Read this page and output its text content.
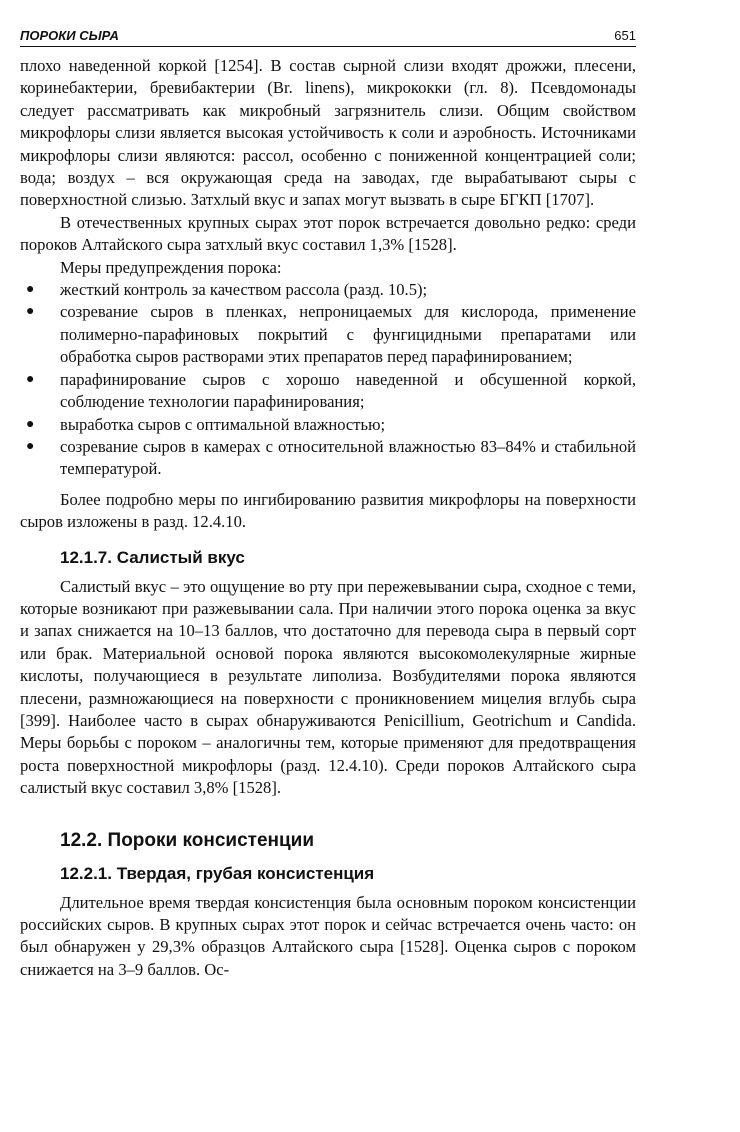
ПОРОКИ СЫРА	651

плохо наведенной коркой [1254]. В состав сырной слизи входят дрожжи, плесени, коринебактерии, бревибактерии (Br. linens), микрококки (гл. 8). Псевдомонады следует рассматривать как микробный загрязнитель слизи. Общим свойством микрофлоры слизи является высокая устойчивость к соли и аэробность. Источниками микрофлоры слизи являются: рассол, особенно с пониженной концентрацией соли; вода; воздух – вся окружающая среда на заводах, где вырабатывают сыры с поверхностной слизью. Затхлый вкус и запах могут вызвать в сыре БГКП [1707].

В отечественных крупных сырах этот порок встречается довольно редко: среди пороков Алтайского сыра затхлый вкус составил 1,3% [1528].

Меры предупреждения порока:

● жесткий контроль за качеством рассола (разд. 10.5);
● созревание сыров в пленках, непроницаемых для кислорода, применение полимерно-парафиновых покрытий с фунгицидными препаратами или обработка сыров растворами этих препаратов перед парафинированием;
● парафинирование сыров с хорошо наведенной и обсушенной коркой, соблюдение технологии парафинирования;
● выработка сыров с оптимальной влажностью;
● созревание сыров в камерах с относительной влажностью 83–84% и стабильной температурой.

Более подробно меры по ингибированию развития микрофлоры на поверхности сыров изложены в разд. 12.4.10.

12.1.7. Салистый вкус

Салистый вкус – это ощущение во рту при пережевывании сыра, сходное с теми, которые возникают при разжевывании сала. При наличии этого порока оценка за вкус и запах снижается на 10–13 баллов, что достаточно для перевода сыра в первый сорт или брак. Материальной основой порока являются высокомолекулярные жирные кислоты, получающиеся в результате липолиза. Возбудителями порока являются плесени, размножающиеся на поверхности с проникновением мицелия вглубь сыра [399]. Наиболее часто в сырах обнаруживаются Penicillium, Geotrichum и Candida. Меры борьбы с пороком – аналогичны тем, которые применяют для предотвращения роста поверхностной микрофлоры (разд. 12.4.10). Среди пороков Алтайского сыра салистый вкус составил 3,8% [1528].

12.2. Пороки консистенции
12.2.1. Твердая, грубая консистенция

Длительное время твердая консистенция была основным пороком консистенции российских сыров. В крупных сырах этот порок и сейчас встречается очень часто: он был обнаружен у 29,3% образцов Алтайского сыра [1528]. Оценка сыров с пороком снижается на 3–9 баллов. Ос-
